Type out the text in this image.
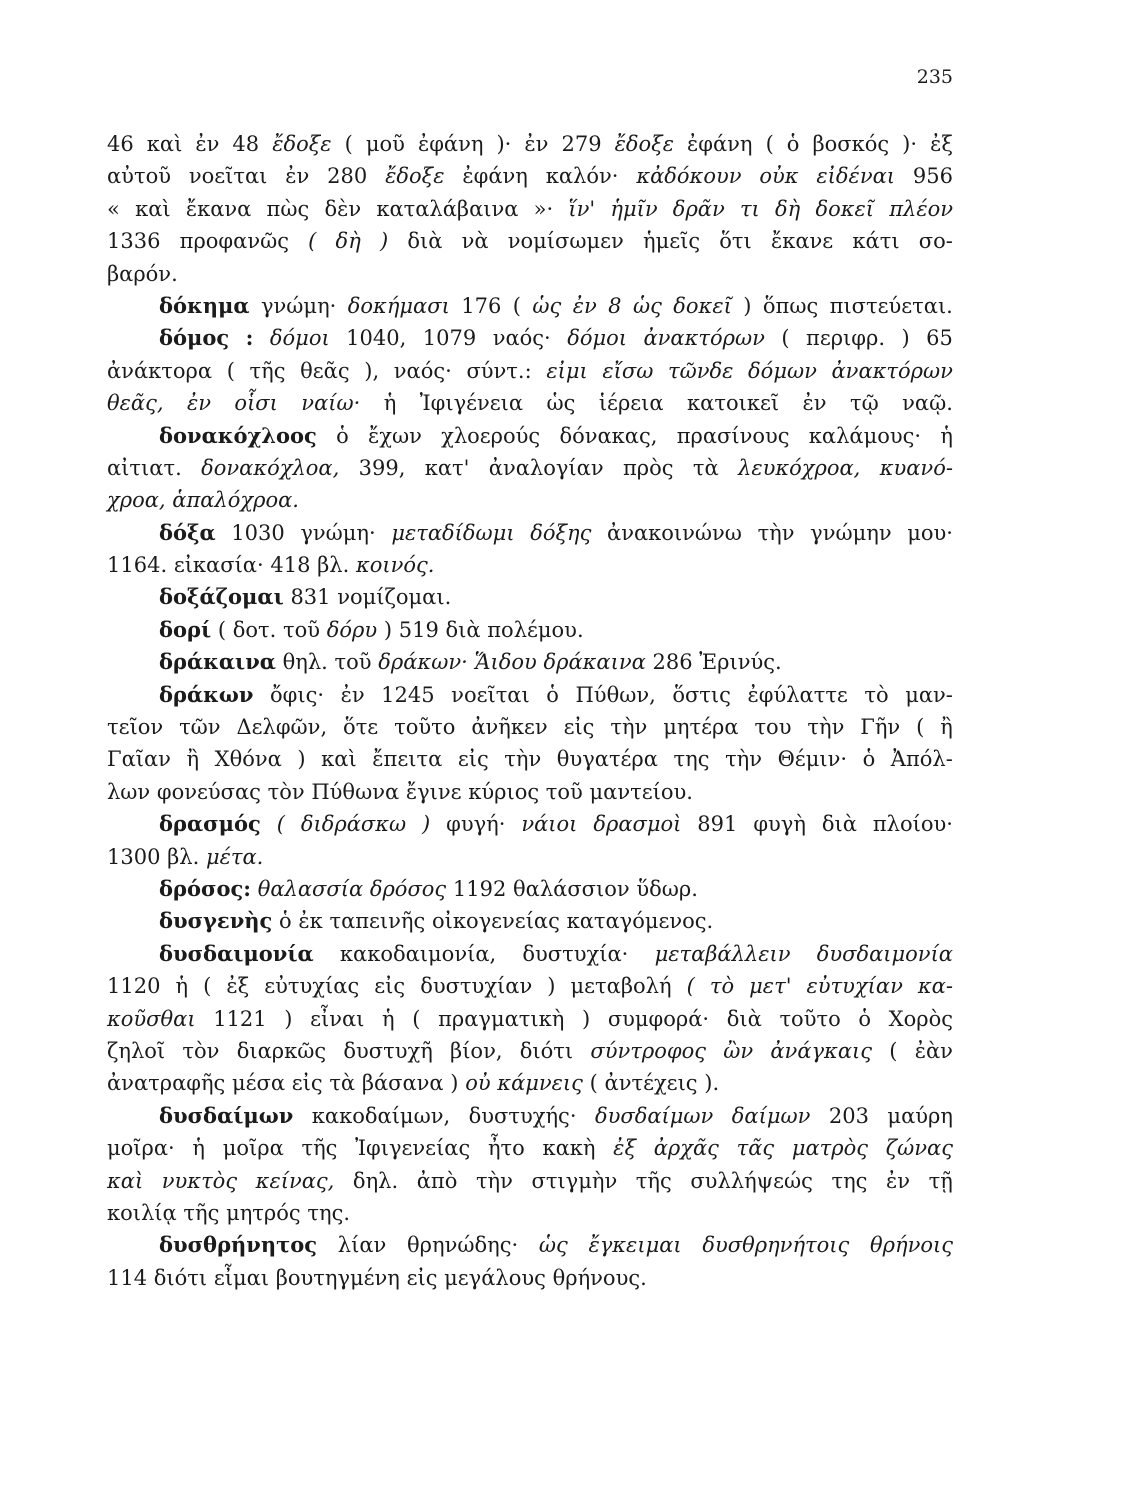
235
46 καὶ ἐν 48 ἔδοξε ( μοῦ ἐφάνη )· ἐν 279 ἔδοξε ἐφάνη ( ὁ βοσκός )· ἐξ
αὐτοῦ νοεῖται ἐν 280 ἔδοξε ἐφάνη καλόν· κἀδόκουν οὐκ εἰδέναι 956
« καὶ ἔκανα πὼς δὲν καταλάβαινα »· ἵν' ἡμῖν δρᾶν τι δὴ δοκεῖ πλέον
1336 προφανῶς ( δὴ ) διὰ νὰ νομίσωμεν ἡμεῖς ὅτι ἔκανε κάτι σο-
βαρόν.
δόκημα γνώμη· δοκήμασι 176 ( ὡς ἐν 8 ὡς δοκεῖ ) ὅπως πιστεύεται.
δόμος : δόμοι 1040, 1079 ναός· δόμοι ἀνακτόρων ( περιφρ. ) 65
ἀνάκτορα ( τῆς θεᾶς ), ναός· σύντ.: εἰμι εἴσω τῶνδε δόμων ἀνακτόρων
θεᾶς, ἐν οἷσι ναίω· ἡ Ἰφιγένεια ὡς ἱέρεια κατοικεῖ ἐν τῷ ναῷ.
δονακόχλοος ὁ ἔχων χλοερούς δόνακας, πρασίνους καλάμους· ἡ
αἰτιατ. δονακόχλοα, 399, κατ' ἀναλογίαν πρὸς τὰ λευκόχροα, κυανό-
χροα,
ἁπαλόχροα.
δόξα 1030 γνώμη· μεταδίδωμι δόξης ἀνακοινώνω τὴν γνώμην μου·
1164.
εἰκασία·
418
βλ.
κοινός.
δοξάζομαι
831
νομίζομαι.
δορί
(
δοτ.
τοῦ
δόρυ
)
519
διὰ
πολέμου.
δράκαινα
θηλ.
τοῦ
δράκων·
Ἅιδου
δράκαινα
286
Ἐρινύς.
δράκων ὄφις· ἐν 1245 νοεῖται ὁ Πύθων, ὅστις ἐφύλαττε τὸ μαν-
τεῖον τῶν Δελφῶν, ὅτε τοῦτο ἀνῆκεν εἰς τὴν μητέρα του τὴν Γῆν ( ἢ
Γαῖαν ἢ Χθόνα ) καὶ ἔπειτα εἰς τὴν θυγατέρα της τὴν Θέμιν· ὁ Ἀπόλ-
λων
φονεύσας
τὸν
Πύθωνα
ἔγινε
κύριος
τοῦ
μαντείου.
δρασμός ( διδράσκω ) φυγή· νάιοι δρασμοὶ 891 φυγὴ διὰ πλοίου·
1300
βλ.
μέτα.
δρόσος :
θαλασσία
δρόσος
1192
θαλάσσιον
ὕδωρ.
δυσγενὴς
ὁ
ἐκ
ταπεινῆς
οἰκογενείας
καταγόμενος.
δυσδαιμονία κακοδαιμονία, δυστυχία· μεταβάλλειν δυσδαιμονία
1120 ἡ ( ἐξ εὐτυχίας εἰς δυστυχίαν ) μεταβολή ( τὸ μετ' εὐτυχίαν κα-
κοῦσθαι 1121 ) εἶναι ἡ ( πραγματικὴ ) συμφορά· διὰ τοῦτο ὁ Χορὸς
ζηλοῖ τὸν διαρκῶς δυστυχῆ βίον, διότι σύντροφος ὢν ἀνάγκαις ( ἐὰν
ἀνατραφῆς
μέσα
εἰς
τὰ
βάσανα
)
οὐ
κάμνεις
(
ἀντέχεις
).
δυσδαίμων κακοδαίμων, δυστυχής· δυσδαίμων δαίμων 203 μαύρη
μοῖρα· ἡ μοῖρα τῆς Ἰφιγενείας ἦτο κακὴ ἐξ ἀρχᾶς τᾶς ματρὸς ζώνας
καὶ νυκτὸς κείνας, δηλ. ἀπὸ τὴν στιγμὴν τῆς συλλήψεώς της ἐν τῇ
κοιλίᾳ
τῆς
μητρός
της.
δυσθρήνητος λίαν θρηνώδης· ὡς ἔγκειμαι δυσθρηνήτοις θρήνοις
114
διότι
εἶμαι
βουτηγμένη
εἰς
μεγάλους
θρήνους.
